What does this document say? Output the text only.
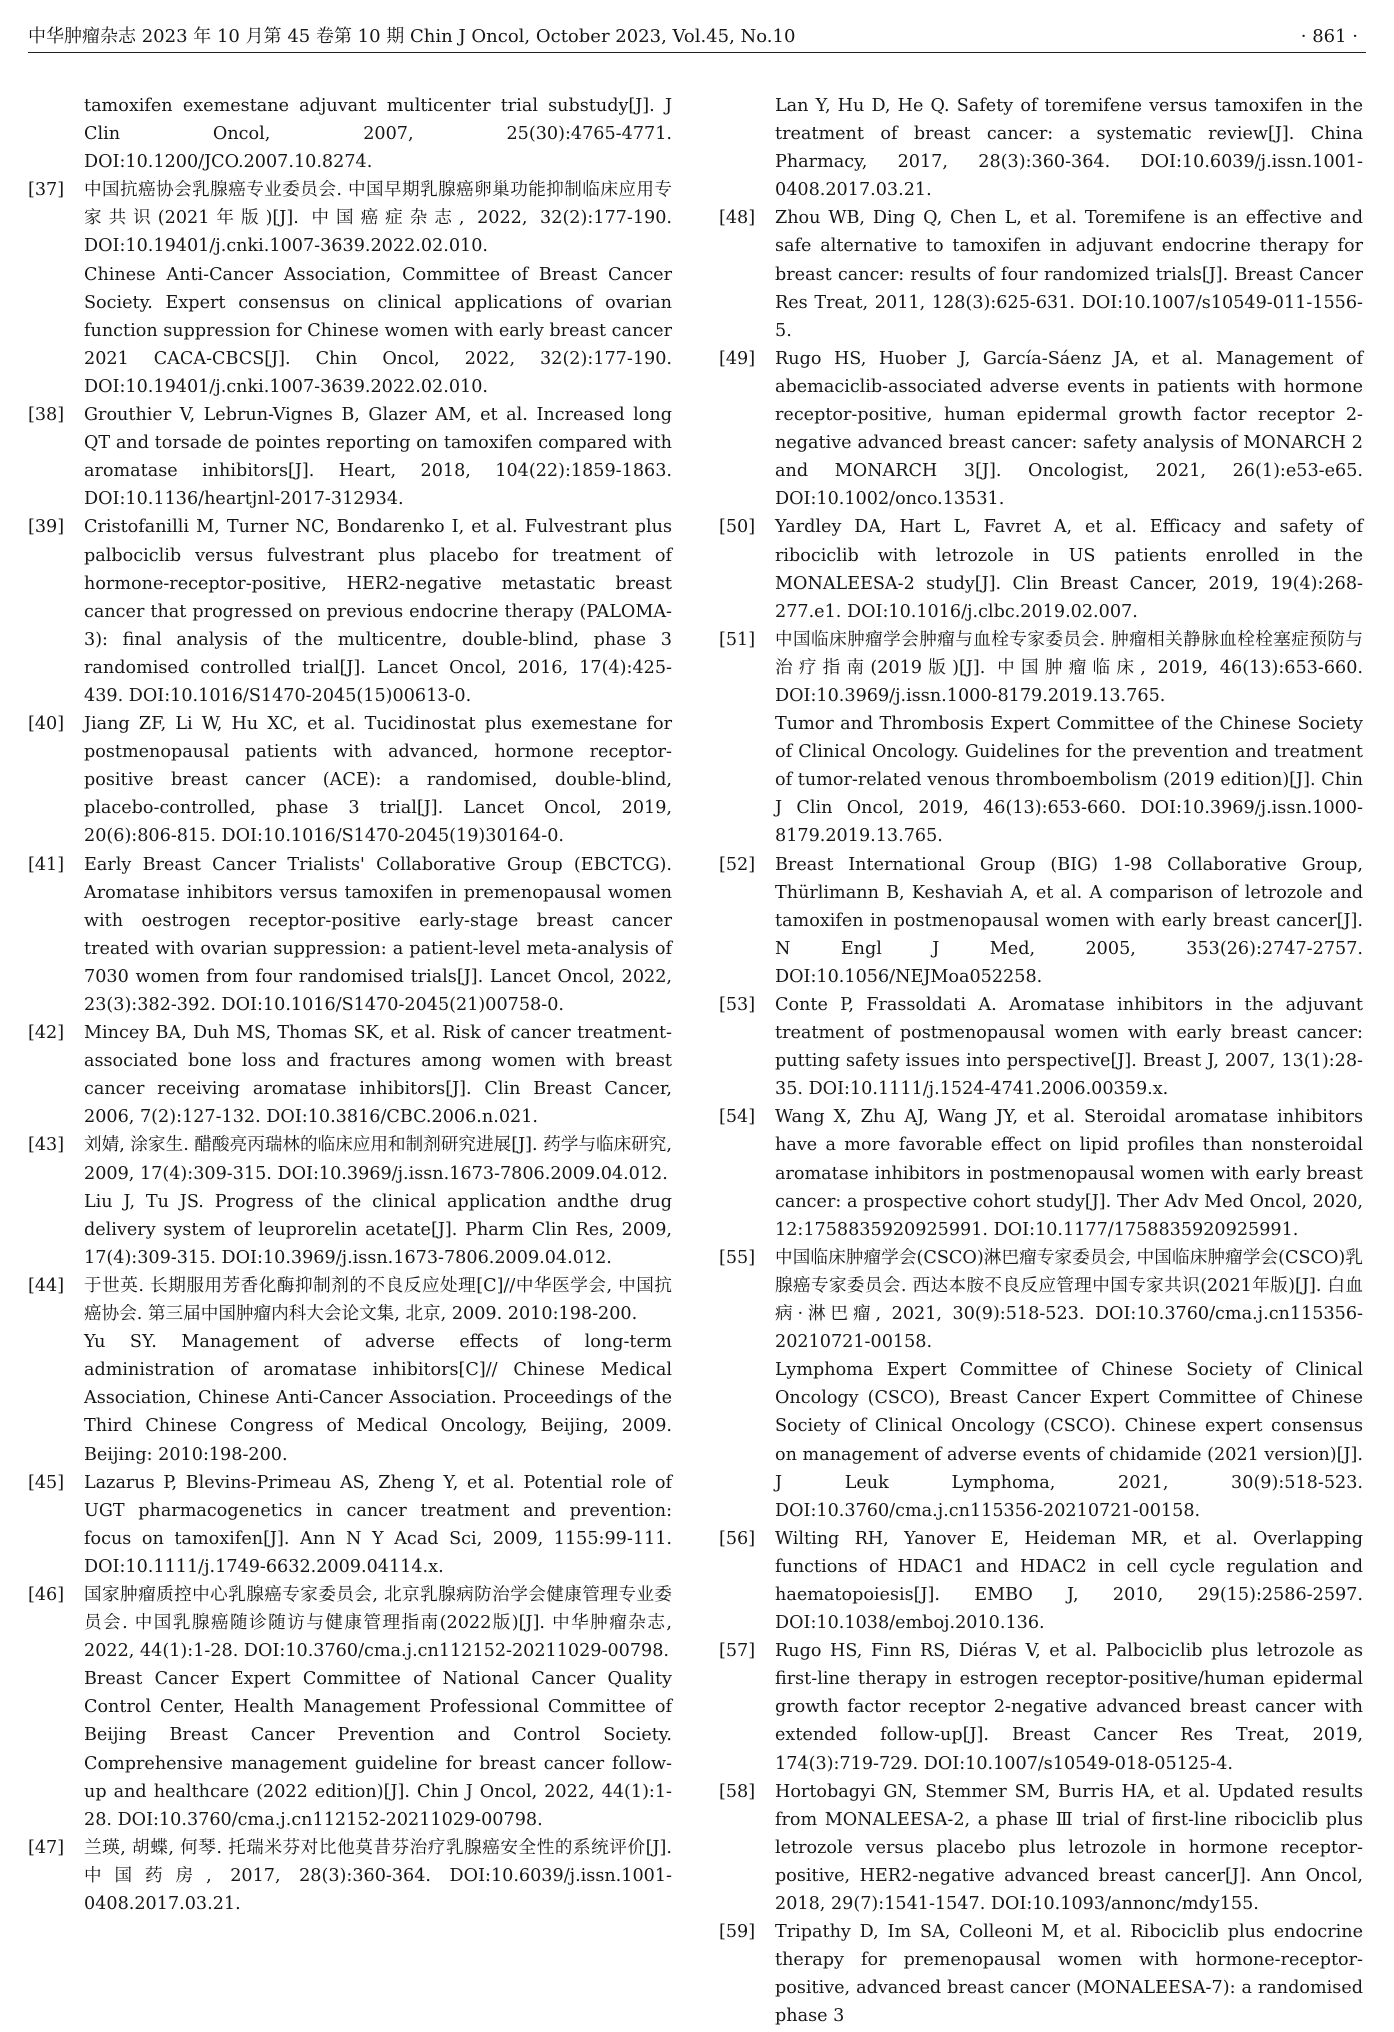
中华肿瘤杂志 2023 年 10 月第 45 卷第 10 期 Chin J Oncol, October 2023, Vol.45, No.10	· 861 ·
tamoxifen exemestane adjuvant multicenter trial substudy[J]. J Clin Oncol, 2007, 25(30):4765-4771. DOI:10.1200/JCO.2007.10.8274.
[37] 中国抗癌协会乳腺癌专业委员会. 中国早期乳腺癌卵巢功能抑制临床应用专家共识(2021年版)[J]. 中国癌症杂志, 2022, 32(2):177-190. DOI:10.19401/j.cnki.1007-3639.2022.02.010.
Chinese Anti-Cancer Association, Committee of Breast Cancer Society. Expert consensus on clinical applications of ovarian function suppression for Chinese women with early breast cancer 2021 CACA-CBCS[J]. Chin Oncol, 2022, 32(2):177-190. DOI:10.19401/j.cnki.1007-3639.2022.02.010.
[38] Grouthier V, Lebrun-Vignes B, Glazer AM, et al. Increased long QT and torsade de pointes reporting on tamoxifen compared with aromatase inhibitors[J]. Heart, 2018, 104(22):1859-1863. DOI:10.1136/heartjnl-2017-312934.
[39] Cristofanilli M, Turner NC, Bondarenko I, et al. Fulvestrant plus palbociclib versus fulvestrant plus placebo for treatment of hormone-receptor-positive, HER2-negative metastatic breast cancer that progressed on previous endocrine therapy (PALOMA-3): final analysis of the multicentre, double-blind, phase 3 randomised controlled trial[J]. Lancet Oncol, 2016, 17(4):425-439. DOI:10.1016/S1470-2045(15)00613-0.
[40] Jiang ZF, Li W, Hu XC, et al. Tucidinostat plus exemestane for postmenopausal patients with advanced, hormone receptor-positive breast cancer (ACE): a randomised, double-blind, placebo-controlled, phase 3 trial[J]. Lancet Oncol, 2019, 20(6):806-815. DOI:10.1016/S1470-2045(19)30164-0.
[41] Early Breast Cancer Trialists' Collaborative Group (EBCTCG). Aromatase inhibitors versus tamoxifen in premenopausal women with oestrogen receptor-positive early-stage breast cancer treated with ovarian suppression: a patient-level meta-analysis of 7030 women from four randomised trials[J]. Lancet Oncol, 2022, 23(3):382-392. DOI:10.1016/S1470-2045(21)00758-0.
[42] Mincey BA, Duh MS, Thomas SK, et al. Risk of cancer treatment-associated bone loss and fractures among women with breast cancer receiving aromatase inhibitors[J]. Clin Breast Cancer, 2006, 7(2):127-132. DOI:10.3816/CBC.2006.n.021.
[43] 刘婧, 涂家生. 醋酸亮丙瑞林的临床应用和制剂研究进展[J]. 药学与临床研究, 2009, 17(4):309-315. DOI:10.3969/j.issn.1673-7806.2009.04.012.
Liu J, Tu JS. Progress of the clinical application andthe drug delivery system of leuprorelin acetate[J]. Pharm Clin Res, 2009, 17(4):309-315. DOI:10.3969/j.issn.1673-7806.2009.04.012.
[44] 于世英. 长期服用芳香化酶抑制剂的不良反应处理[C]//中华医学会, 中国抗癌协会. 第三届中国肿瘤内科大会论文集, 北京, 2009. 2010:198-200.
Yu SY. Management of adverse effects of long-term administration of aromatase inhibitors[C]// Chinese Medical Association, Chinese Anti-Cancer Association. Proceedings of the Third Chinese Congress of Medical Oncology, Beijing, 2009. Beijing: 2010:198-200.
[45] Lazarus P, Blevins-Primeau AS, Zheng Y, et al. Potential role of UGT pharmacogenetics in cancer treatment and prevention: focus on tamoxifen[J]. Ann N Y Acad Sci, 2009, 1155:99-111. DOI:10.1111/j.1749-6632.2009.04114.x.
[46] 国家肿瘤质控中心乳腺癌专家委员会, 北京乳腺病防治学会健康管理专业委员会. 中国乳腺癌随诊随访与健康管理指南(2022版)[J]. 中华肿瘤杂志, 2022, 44(1):1-28. DOI:10.3760/cma.j.cn112152-20211029-00798.
Breast Cancer Expert Committee of National Cancer Quality Control Center, Health Management Professional Committee of Beijing Breast Cancer Prevention and Control Society. Comprehensive management guideline for breast cancer follow-up and healthcare (2022 edition)[J]. Chin J Oncol, 2022, 44(1):1-28. DOI:10.3760/cma.j.cn112152-20211029-00798.
[47] 兰瑛, 胡蝶, 何琴. 托瑞米芬对比他莫昔芬治疗乳腺癌安全性的系统评价[J]. 中国药房, 2017, 28(3):360-364. DOI:10.6039/j.issn.1001-0408.2017.03.21.
Lan Y, Hu D, He Q. Safety of toremifene versus tamoxifen in the treatment of breast cancer: a systematic review[J]. China Pharmacy, 2017, 28(3):360-364. DOI:10.6039/j.issn.1001-0408.2017.03.21.
[48] Zhou WB, Ding Q, Chen L, et al. Toremifene is an effective and safe alternative to tamoxifen in adjuvant endocrine therapy for breast cancer: results of four randomized trials[J]. Breast Cancer Res Treat, 2011, 128(3):625-631. DOI:10.1007/s10549-011-1556-5.
[49] Rugo HS, Huober J, García-Sáenz JA, et al. Management of abemaciclib-associated adverse events in patients with hormone receptor-positive, human epidermal growth factor receptor 2-negative advanced breast cancer: safety analysis of MONARCH 2 and MONARCH 3[J]. Oncologist, 2021, 26(1):e53-e65. DOI:10.1002/onco.13531.
[50] Yardley DA, Hart L, Favret A, et al. Efficacy and safety of ribociclib with letrozole in US patients enrolled in the MONALEESA-2 study[J]. Clin Breast Cancer, 2019, 19(4):268-277.e1. DOI:10.1016/j.clbc.2019.02.007.
[51] 中国临床肿瘤学会肿瘤与血栓专家委员会. 肿瘤相关静脉血栓栓塞症预防与治疗指南(2019版)[J]. 中国肿瘤临床, 2019, 46(13):653-660. DOI:10.3969/j.issn.1000-8179.2019.13.765.
Tumor and Thrombosis Expert Committee of the Chinese Society of Clinical Oncology. Guidelines for the prevention and treatment of tumor-related venous thromboembolism (2019 edition)[J]. Chin J Clin Oncol, 2019, 46(13):653-660. DOI:10.3969/j.issn.1000-8179.2019.13.765.
[52] Breast International Group (BIG) 1-98 Collaborative Group, Thürlimann B, Keshaviah A, et al. A comparison of letrozole and tamoxifen in postmenopausal women with early breast cancer[J]. N Engl J Med, 2005, 353(26):2747-2757. DOI:10.1056/NEJMoa052258.
[53] Conte P, Frassoldati A. Aromatase inhibitors in the adjuvant treatment of postmenopausal women with early breast cancer: putting safety issues into perspective[J]. Breast J, 2007, 13(1):28-35. DOI:10.1111/j.1524-4741.2006.00359.x.
[54] Wang X, Zhu AJ, Wang JY, et al. Steroidal aromatase inhibitors have a more favorable effect on lipid profiles than nonsteroidal aromatase inhibitors in postmenopausal women with early breast cancer: a prospective cohort study[J]. Ther Adv Med Oncol, 2020, 12:1758835920925991. DOI:10.1177/1758835920925991.
[55] 中国临床肿瘤学会(CSCO)淋巴瘤专家委员会, 中国临床肿瘤学会(CSCO)乳腺癌专家委员会. 西达本胺不良反应管理中国专家共识(2021年版)[J]. 白血病·淋巴瘤, 2021, 30(9):518-523. DOI:10.3760/cma.j.cn115356-20210721-00158.
Lymphoma Expert Committee of Chinese Society of Clinical Oncology (CSCO), Breast Cancer Expert Committee of Chinese Society of Clinical Oncology (CSCO). Chinese expert consensus on management of adverse events of chidamide (2021 version)[J]. J Leuk Lymphoma, 2021, 30(9):518-523. DOI:10.3760/cma.j.cn115356-20210721-00158.
[56] Wilting RH, Yanover E, Heideman MR, et al. Overlapping functions of HDAC1 and HDAC2 in cell cycle regulation and haematopoiesis[J]. EMBO J, 2010, 29(15):2586-2597. DOI:10.1038/emboj.2010.136.
[57] Rugo HS, Finn RS, Diéras V, et al. Palbociclib plus letrozole as first-line therapy in estrogen receptor-positive/human epidermal growth factor receptor 2-negative advanced breast cancer with extended follow-up[J]. Breast Cancer Res Treat, 2019, 174(3):719-729. DOI:10.1007/s10549-018-05125-4.
[58] Hortobagyi GN, Stemmer SM, Burris HA, et al. Updated results from MONALEESA-2, a phase Ⅲ trial of first-line ribociclib plus letrozole versus placebo plus letrozole in hormone receptor-positive, HER2-negative advanced breast cancer[J]. Ann Oncol, 2018, 29(7):1541-1547. DOI:10.1093/annonc/mdy155.
[59] Tripathy D, Im SA, Colleoni M, et al. Ribociclib plus endocrine therapy for premenopausal women with hormone-receptor-positive, advanced breast cancer (MONALEESA-7): a randomised phase 3
